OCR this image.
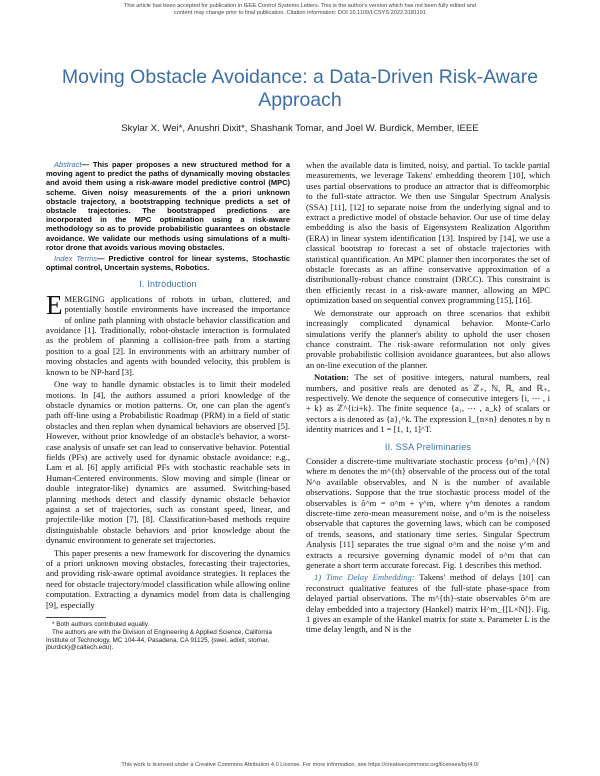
This article has been accepted for publication in IEEE Control Systems Letters. This is the author's version which has not been fully edited and
content may change prior to final publication. Citation information: DOI 10.1109/LCSYS.2022.3181191
Moving Obstacle Avoidance: a Data-Driven Risk-Aware Approach
Skylar X. Wei*, Anushri Dixit*, Shashank Tomar, and Joel W. Burdick, Member, IEEE
Abstract— This paper proposes a new structured method for a moving agent to predict the paths of dynamically moving obstacles and avoid them using a risk-aware model predictive control (MPC) scheme. Given noisy measurements of the a priori unknown obstacle trajectory, a bootstrapping technique predicts a set of obstacle trajectories. The bootstrapped predictions are incorporated in the MPC optimization using a risk-aware methodology so as to provide probabilistic guarantees on obstacle avoidance. We validate our methods using simulations of a multi-rotor drone that avoids various moving obstacles.
Index Terms— Predictive control for linear systems, Stochastic optimal control, Uncertain systems, Robotics.
I. Introduction

EMERGING applications of robots in urban, cluttered, and potentially hostile environments have increased the importance of online path planning with obstacle behavior classification and avoidance [1]. Traditionally, robot-obstacle interaction is formulated as the problem of planning a collision-free path from a starting position to a goal [2]. In environments with an arbitrary number of moving obstacles and agents with bounded velocity, this problem is known to be NP-hard [3].

One way to handle dynamic obstacles is to limit their modeled motions. In [4], the authors assumed a priori knowledge of the obstacle dynamics or motion patterns. Or, one can plan the agent's path off-line using a Probabilistic Roadmap (PRM) in a field of static obstacles and then replan when dynamical behaviors are observed [5]. However, without prior knowledge of an obstacle's behavior, a worst-case analysis of unsafe set can lead to conservative behavior. Potential fields (PFs) are actively used for dynamic obstacle avoidance: e.g., Lam et al. [6] apply artificial PFs with stochastic reachable sets in Human-Centered environments. Slow moving and simple (linear or double integrator-like) dynamics are assumed. Switching-based planning methods detect and classify dynamic obstacle behavior against a set of trajectories, such as constant speed, linear, and projectile-like motion [7], [8]. Classification-based methods require distinguishable obstacle behaviors and prior knowledge about the dynamic environment to generate set trajectories.

This paper presents a new framework for discovering the dynamics of a priori unknown moving obstacles, forecasting their trajectories, and providing risk-aware optimal avoidance strategies. It replaces the need for obstacle trajectory/model classification while allowing online computation. Extracting a dynamics model from data is challenging [9], especially

* Both authors contributed equally.
The authors are with the Division of Engineering & Applied Science, California Institute of Technology, MC 104-44, Pasadena, CA 91125, {swei, adixit, stomar, jburdick}@caltech.edu).

when the available data is limited, noisy, and partial. To tackle partial measurements, we leverage Takens' embedding theorem [10], which uses partial observations to produce an attractor that is diffeomorphic to the full-state attractor. We then use Singular Spectrum Analysis (SSA) [11], [12] to separate noise from the underlying signal and to extract a predictive model of obstacle behavior. Our use of time delay embedding is also the basis of Eigensystem Realization Algorithm (ERA) in linear system identification [13]. Inspired by [14], we use a classical bootstrap to forecast a set of obstacle trajectories with statistical quantification. An MPC planner then incorporates the set of obstacle forecasts as an affine conservative approximation of a distributionally-robust chance constraint (DRCC). This constraint is then efficiently recast in a risk-aware manner, allowing an MPC optimization based on sequential convex programming [15], [16].

We demonstrate our approach on three scenarios that exhibit increasingly complicated dynamical behavior. Monte-Carlo simulations verify the planner's ability to uphold the user chosen chance constraint. The risk-aware reformulation not only gives provable probabilistic collision avoidance guarantees, but also allows an on-line execution of the planner.

Notation: The set of positive integers, natural numbers, real numbers, and positive reals are denoted as ℤ₊, ℕ, ℝ, and ℝ₊, respectively. We denote the sequence of consecutive integers {i, ⋯ , i + k} as ℤ^{i:i+k}. The finite sequence {a₁, ⋯ , a_k} of scalars or vectors a is denoted as {a}₁^k. The expression I_{n×n} denotes n by n identity matrices and 1 = [1, 1, 1]^T.

II. SSA Preliminaries

Consider a discrete-time multivariate stochastic process {o^m}₁^{N} where m denotes the m^{th} observable of the process out of the total N^o available observables, and N is the number of available observations. Suppose that the true stochastic process model of the observables is õ^m = o^m + γ^m, where γ^m denotes a random discrete-time zero-mean measurement noise, and o^m is the noiseless observable that captures the governing laws, which can be composed of trends, seasons, and stationary time series. Singular Spectrum Analysis [11] separates the true signal o^m and the noise γ^m and extracts a recursive governing dynamic model of o^m that can generate a short term accurate forecast. Fig. 1 describes this method.

1) Time Delay Embedding: Takens' method of delays [10] can reconstruct qualitative features of the full-state phase-space from delayed partial observations. The m^{th}-state observables õ^m are delay embedded into a trajectory (Hankel) matrix H^m_{[L×N]}. Fig. 1 gives an example of the Hankel matrix for state x. Parameter L is the time delay length, and N is the

This work is licensed under a Creative Commons Attribution 4.0 License. For more information, see https://creativecommons.org/licenses/by/4.0/
